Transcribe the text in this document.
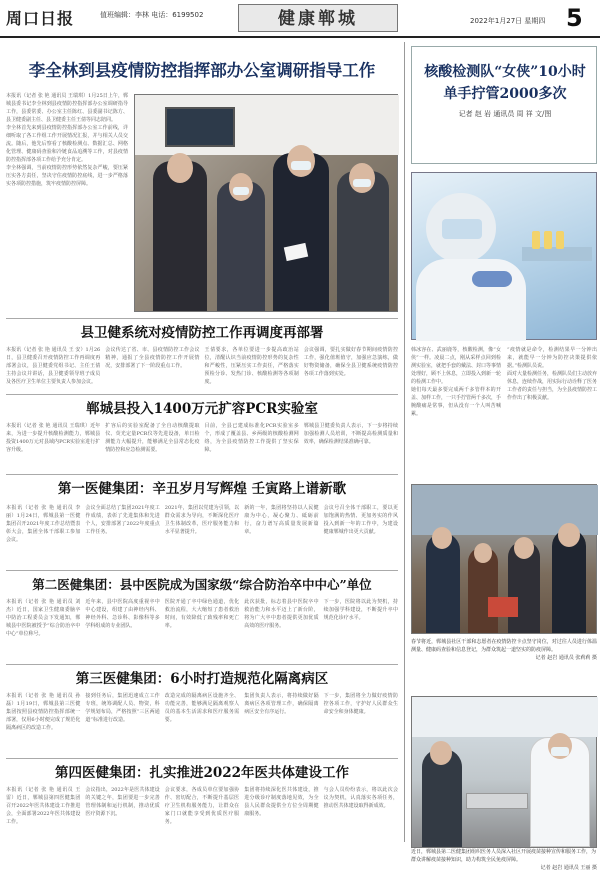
周口日报	值班编辑：李林 电话：6199502	健康郸城	2022年1月27日 星期四 5
李全林到县疫情防控指挥部办公室调研指导工作

本报讯（记者 张 艳 通讯员 王瑞琪）1月25日上午，郸城县委书记李全林到县疫情防控指挥部办公室调研指导工作，县委常委、办公室主任陈红、县委副书记陈方、县卫健委副主任、县卫健委主任王倩等同志陪同。

李全林首先来到县疫情防控指挥部办公室工作前线，详细听取了各工作组工作开展情况汇报，并与相关人员交流。随后，他先后察看了核酸检测点、数据汇总、网格化管理、健康码查验和冷链食品追溯等工作，对县疫情防控指挥部各项工作给予充分肯定。

李全林强调，当前疫情防控形势依然复杂严峻，要压紧压实各方责任，坚决守住疫情防控底线，进一步严格落实各项防控措施，筑牢疫情防控屏障。

县卫健系统对疫情防控工作再调度再部署

本报讯（记者 张 艳 通讯员 王 安）1月26日，县卫健委召开疫情防控工作再调度再部署会议，县卫健委党组书记、主任王倩主持会议并讲话，县卫健委领导班子成员及各医疗卫生单位主要负责人参加会议。

会议传达了省、市、县疫情防控工作会议精神，通报了全县疫情防控工作开展情况，安排部署了下一阶段重点工作。

王倩要求，各单位要进一步提高政治站位，清醒认识当前疫情防控形势的复杂性和严峻性，压紧压实工作责任，严格落实预检分诊、发热门诊、核酸检测等各项制度。

会议强调，要扎实做好春节期间疫情防控工作，强化值班值守，加强应急演练，做好物资储备，确保全县卫健系统疫情防控各项工作落到实处。

郸城县投入1400万元扩容PCR实验室

本报讯（记者 张 艳 通讯员 王瑞琪）近年来，为进一步提升核酸检测能力，郸城县投资1400万元对县域内PCR实验室进行扩容升级。

扩容后的实验室配备了全自动核酸提取仪、荧光定量PCR仪等先进设备，单日检测能力大幅提升，能够满足全县常态化疫情防控和应急检测需要。

目前，全县已建成标准化PCR实验室多个，形成了覆盖县、乡两级的核酸检测网络，为全县疫情防控工作提供了坚实保障。

郸城县卫健委负责人表示，下一步将持续加强检测人员培训，不断提高检测质量和效率，确保检测结果准确可靠。

第一医健集团：辛丑岁月写辉煌 壬寅路上谱新歌

本报讯（记者 张 艳 通讯员 李 丽）1月24日，郸城县第一医健集团召开2021年度工作总结暨表彰大会，集团全体干部职工参加会议。

会议全面总结了集团2021年度工作成绩，表彰了先进集体和先进个人，安排部署了2022年度重点工作任务。

2021年，集团以党建为引领，以群众需求为导向，不断深化医疗卫生体制改革，医疗服务能力和水平显著提升。

新的一年，集团将坚持以人民健康为中心，凝心聚力、砥砺前行，奋力谱写高质量发展新篇章。

会议号召全体干部职工，要以更加饱满的热情、更加务实的作风投入到新一年的工作中，为建设健康郸城作出更大贡献。

第二医健集团：县中医院成为国家级“综合防治卒中中心”单位

本报讯（记者 张 艳 通讯员 刘 杰）近日，国家卫生健康委脑卒中防治工程委员会下发通知，郸城县中医院被授予“综合防治卒中中心”单位称号。

近年来，县中医院高度重视卒中中心建设，组建了由神经内科、神经外科、急诊科、影像科等多学科组成的专业团队。

医院开通了卒中绿色通道，优化救治流程，大大缩短了患者救治时间，有效降低了致残率和死亡率。

此次获批，标志着县中医院卒中救治能力和水平迈上了新台阶，将为广大卒中患者提供更加优质高效的医疗服务。

下一步，医院将以此为契机，持续加强学科建设，不断提升卒中规范化诊疗水平。

第三医健集团：6小时打造规范化隔离病区

本报讯（记者 张 艳 通讯员 孙 磊）1月19日，郸城县第三医健集团按照县疫情防控指挥部统一部署，仅用6小时便完成了规范化隔离病区的改造工作。

接到任务后，集团迅速成立工作专班，统筹调配人员、物资，科学规划布局，严格按照“三区两通道”标准进行改造。

改造完成的隔离病区设施齐全、功能完善，能够满足隔离观察人员的基本生活需求和医疗服务需要。

集团负责人表示，将持续做好隔离病区各项管理工作，确保隔离病区安全有序运行。

下一步，集团将全力做好疫情防控各项工作，守护好人民群众生命安全和身体健康。

第四医健集团：扎实推进2022年医共体建设工作

本报讯（记者 张 艳 通讯员 王 雷）近日，郸城县第四医健集团召开2022年医共体建设工作推进会，全面部署2022年医共体建设工作。

会议指出，2022年是医共体建设的关键之年，集团要进一步完善管理体制和运行机制，推动优质医疗资源下沉。

会议要求，各成员单位要加强协作、密切配合，不断提升基层医疗卫生机构服务能力，让群众在家门口就能享受到优质医疗服务。

集团将持续深化医共体建设，推进分级诊疗制度落地见效，为全县人民群众提供全方位全周期健康服务。

与会人员纷纷表示，将以此次会议为契机，认真落实各项任务，推动医共体建设取得新成效。

核酸检测队“女侠”10小时
单手拧管2000多次
记者 赵 岩 通讯员 周 祥 文/图

韩冰容在、武丽鹿等，核酸检测，像“女侠”一样。凌晨二点，刚从采样点回到检测实验室，就把手套的戴法、封口等事情处理好，顾不上休息，立即投入到新一轮的检测工作中。

她们每天最多要完成两千多管样本的开盖、加样工作，一只手拧管两千多次，手腕酸痛是常事，但从没有一个人叫苦喊累。

“疫情就是命令，检测结果早一分钟出来，就能早一分钟为防控决策提供依据。”检测队员说。

面对大量检测任务，检测队员们主动放弃休息，连续作战，用实际行动诠释了医务工作者的责任与担当，为全县疫情防控工作作出了积极贡献。

春节将近，郸城县社区干部和志愿者在疫情防控卡点坚守岗位，对过往人员进行体温测量、健康码查验和信息登记，为群众筑起一道坚实的防疫屏障。
记者 赵岩 通讯员 张莉莉 摄
近日，郸城县第二医健集团组织医务人员深入社区开展疫苗接种宣传和服务工作，为群众讲解疫苗接种知识，助力构筑全民免疫屏障。
记者 赵岩 通讯员 王丽 摄
